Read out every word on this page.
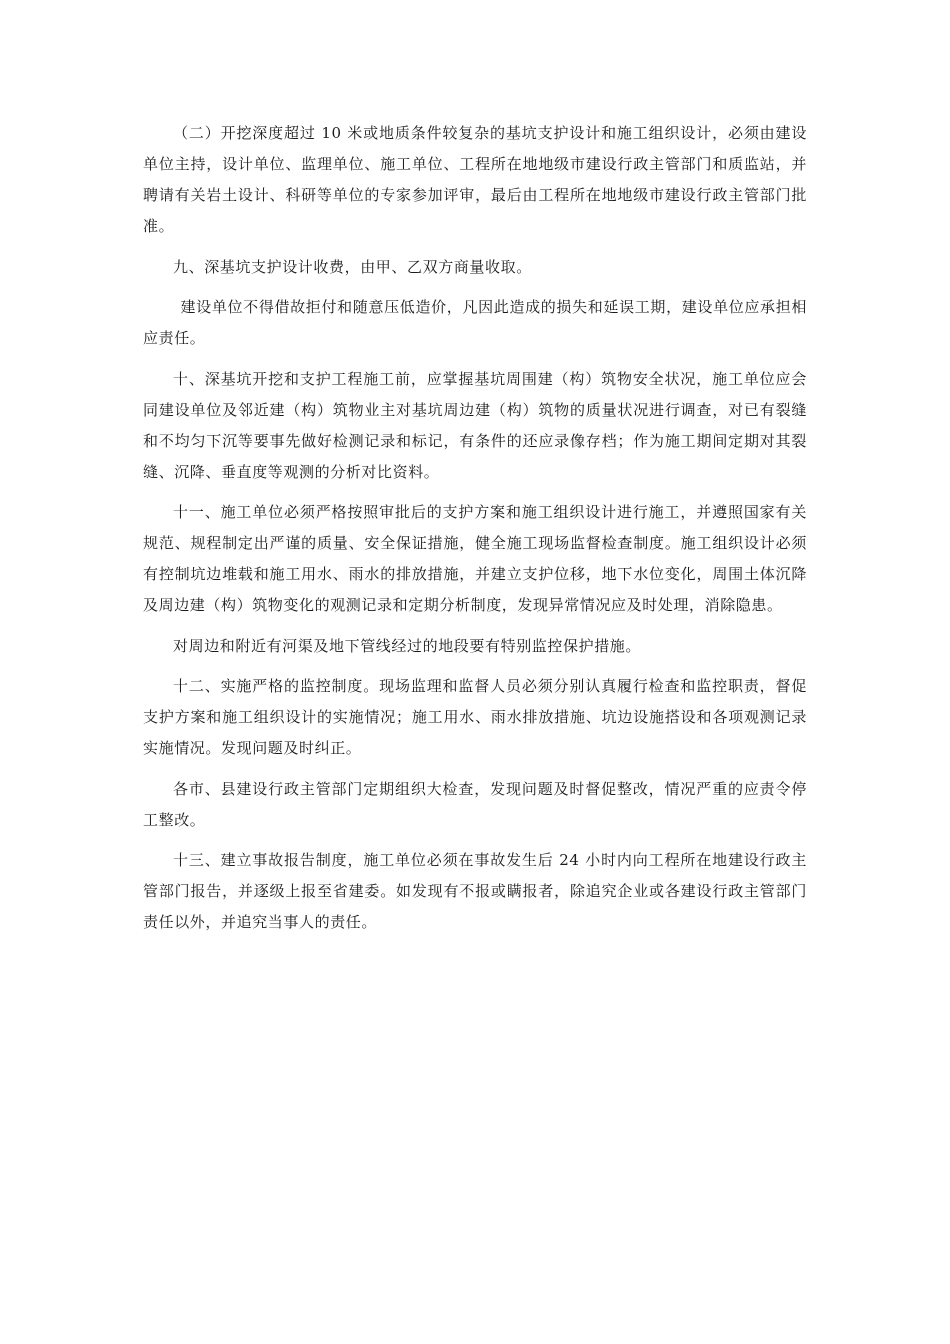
（二）开挖深度超过 10 米或地质条件较复杂的基坑支护设计和施工组织设计，必须由建设单位主持，设计单位、监理单位、施工单位、工程所在地地级市建设行政主管部门和质监站，并聘请有关岩土设计、科研等单位的专家参加评审，最后由工程所在地地级市建设行政主管部门批准。

九、深基坑支护设计收费，由甲、乙双方商量收取。

建设单位不得借故拒付和随意压低造价，凡因此造成的损失和延误工期，建设单位应承担相应责任。

十、深基坑开挖和支护工程施工前，应掌握基坑周围建（构）筑物安全状况，施工单位应会同建设单位及邻近建（构）筑物业主对基坑周边建（构）筑物的质量状况进行调查，对已有裂缝和不均匀下沉等要事先做好检测记录和标记，有条件的还应录像存档；作为施工期间定期对其裂缝、沉降、垂直度等观测的分析对比资料。

十一、施工单位必须严格按照审批后的支护方案和施工组织设计进行施工，并遵照国家有关规范、规程制定出严谨的质量、安全保证措施，健全施工现场监督检查制度。施工组织设计必须有控制坑边堆载和施工用水、雨水的排放措施，并建立支护位移，地下水位变化，周围土体沉降及周边建（构）筑物变化的观测记录和定期分析制度，发现异常情况应及时处理，消除隐患。

对周边和附近有河渠及地下管线经过的地段要有特别监控保护措施。

十二、实施严格的监控制度。现场监理和监督人员必须分别认真履行检查和监控职责，督促支护方案和施工组织设计的实施情况；施工用水、雨水排放措施、坑边设施搭设和各项观测记录实施情况。发现问题及时纠正。

各市、县建设行政主管部门定期组织大检查，发现问题及时督促整改，情况严重的应责令停工整改。

十三、建立事故报告制度，施工单位必须在事故发生后 24 小时内向工程所在地建设行政主管部门报告，并逐级上报至省建委。如发现有不报或瞒报者，除追究企业或各建设行政主管部门责任以外，并追究当事人的责任。
